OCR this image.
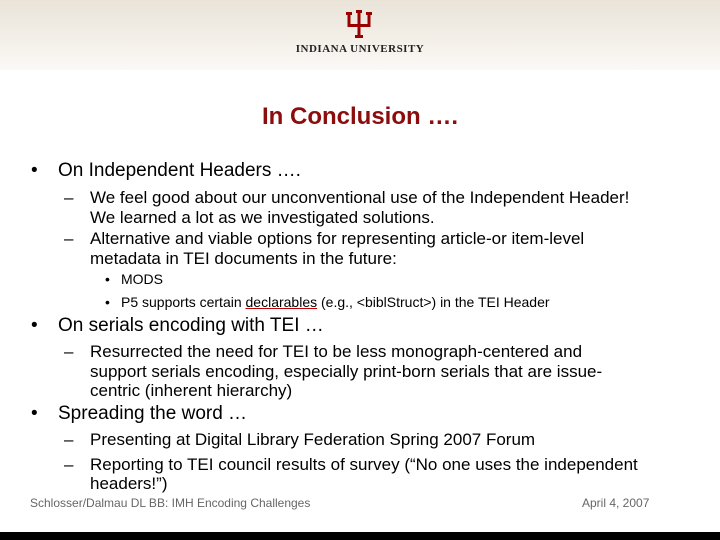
INDIANA UNIVERSITY
In Conclusion ….
• On Independent Headers ….
– We feel good about our unconventional use of the Independent Header!
We learned a lot as we investigated solutions.
– Alternative and viable options for representing article-or item-level
metadata in TEI documents in the future:
• MODS
• P5 supports certain declarables (e.g., <biblStruct>) in the TEI Header
• On serials encoding with TEI …
– Resurrected the need for TEI to be less monograph-centered and
support serials encoding, especially print-born serials that are issue-
centric (inherent hierarchy)
• Spreading the word …
– Presenting at Digital Library Federation Spring 2007 Forum
– Reporting to TEI council results of survey (“No one uses the independent
headers!”)
Schlosser/Dalmau DL BB: IMH Encoding Challenges	April 4, 2007
